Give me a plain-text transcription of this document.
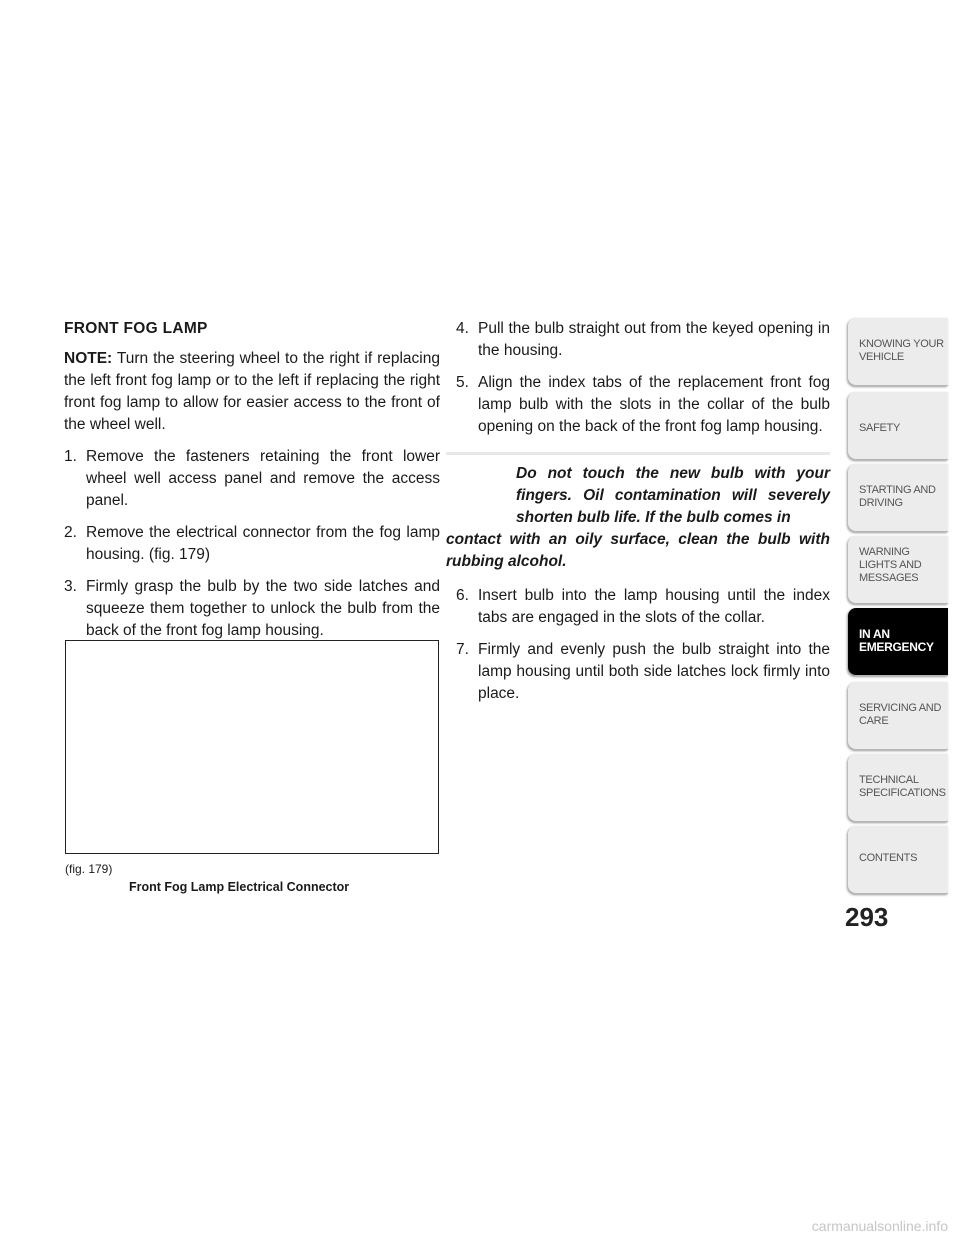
FRONT FOG LAMP

NOTE: Turn the steering wheel to the right if replacing the left front fog lamp or to the left if replacing the right front fog lamp to allow for easier access to the front of the wheel well.

1. Remove the fasteners retaining the front lower wheel well access panel and remove the access panel.
2. Remove the electrical connector from the fog lamp housing. (fig. 179)
3. Firmly grasp the bulb by the two side latches and squeeze them together to unlock the bulb from the back of the front fog lamp housing.
(fig. 179)
Front Fog Lamp Electrical Connector
4. Pull the bulb straight out from the keyed opening in the housing.
5. Align the index tabs of the replacement front fog lamp bulb with the slots in the collar of the bulb opening on the back of the front fog lamp housing.
Do not touch the new bulb with your fingers. Oil contamination will severely shorten bulb life. If the bulb comes in
contact with an oily surface, clean the bulb with rubbing alcohol.
6. Insert bulb into the lamp housing until the index tabs are engaged in the slots of the collar.
7. Firmly and evenly push the bulb straight into the lamp housing until both side latches lock firmly into place.
KNOWING YOUR VEHICLE
SAFETY
STARTING AND DRIVING
WARNING LIGHTS AND MESSAGES
IN AN EMERGENCY
SERVICING AND CARE
TECHNICAL SPECIFICATIONS
CONTENTS
293
carmanualsonline.info
